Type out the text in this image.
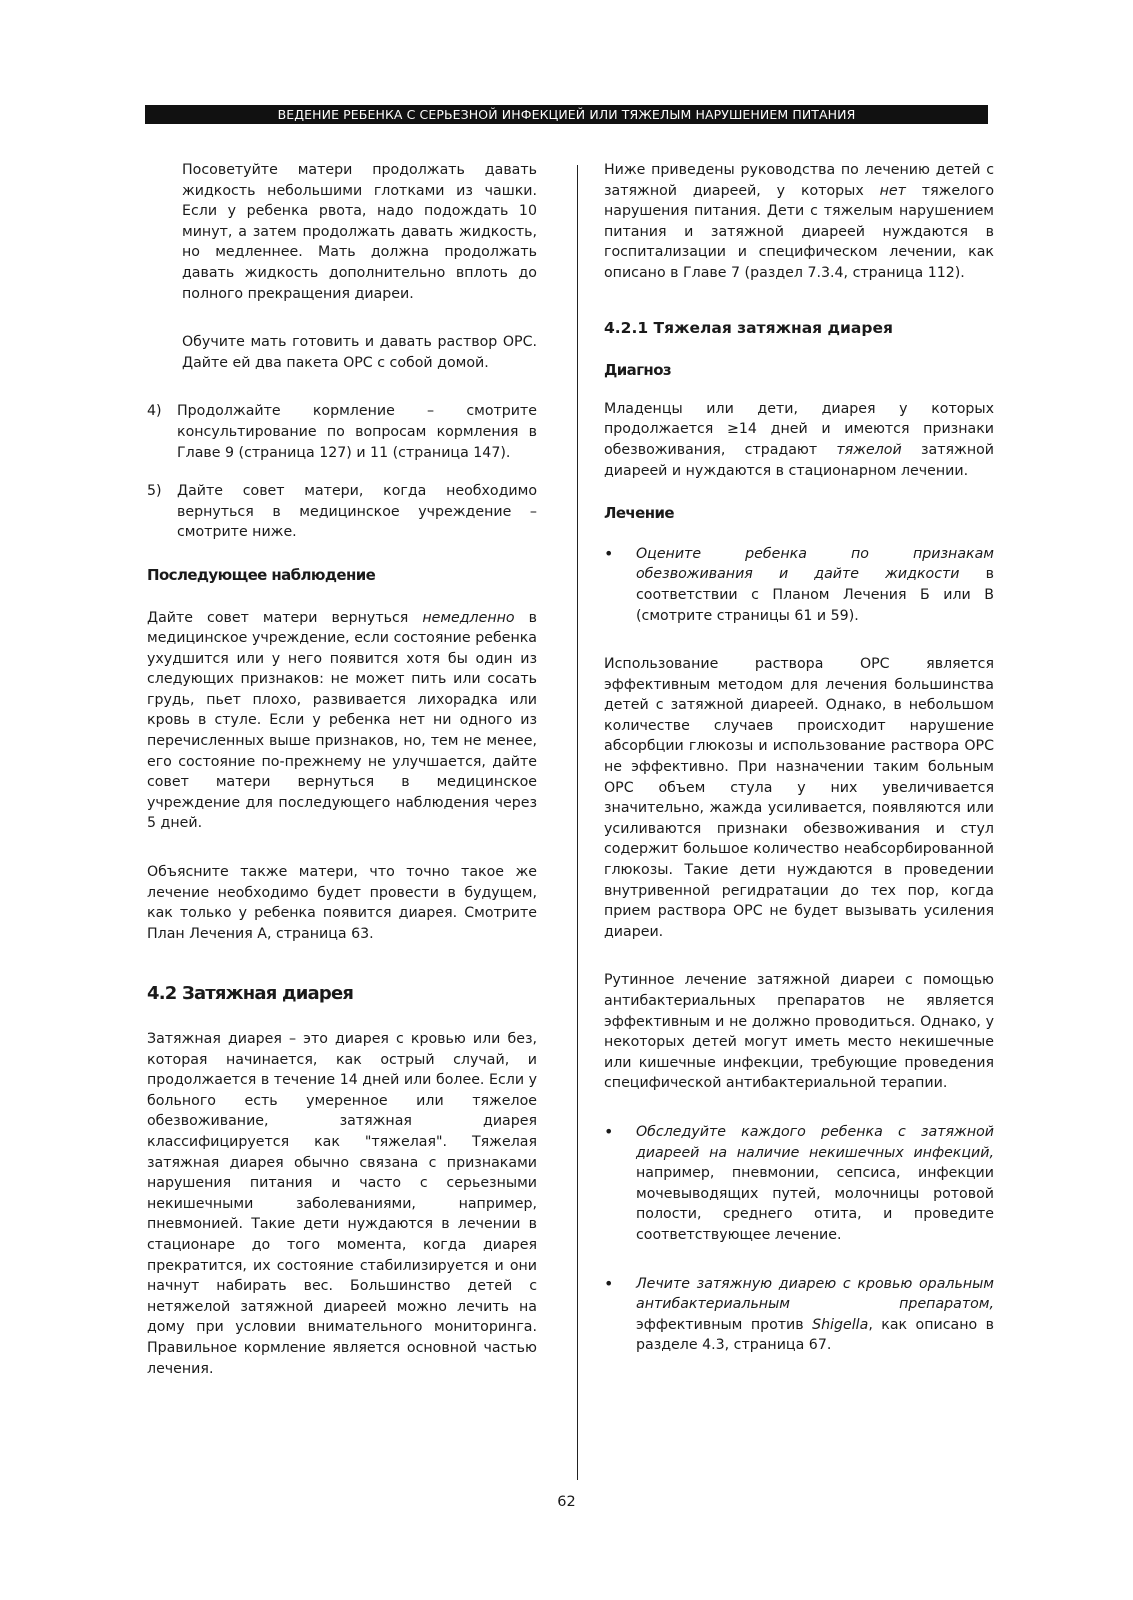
ВЕДЕНИЕ РЕБЕНКА С СЕРЬЕЗНОЙ ИНФЕКЦИЕЙ ИЛИ ТЯЖЕЛЫМ НАРУШЕНИЕМ ПИТАНИЯ

Посоветуйте матери продолжать давать жидкость небольшими глотками из чашки. Если у ребенка рвота, надо подождать 10 минут, а затем продолжать давать жидкость, но медленнее. Мать должна продолжать давать жидкость дополнительно вплоть до полного прекращения диареи.

Обучите мать готовить и давать раствор ОРС. Дайте ей два пакета ОРС с собой домой.

4)	Продолжайте кормление – смотрите консультирование по вопросам кормления в Главе 9 (страница 127) и 11 (страница 147).

5)	Дайте совет матери, когда необходимо вернуться в медицинское учреждение – смотрите ниже.

Последующее наблюдение

Дайте совет матери вернуться немедленно в медицинское учреждение, если состояние ребенка ухудшится или у него появится хотя бы один из следующих признаков: не может пить или сосать грудь, пьет плохо, развивается лихорадка или кровь в стуле. Если у ребенка нет ни одного из перечисленных выше признаков, но, тем не менее, его состояние по-прежнему не улучшается, дайте совет матери вернуться в медицинское учреждение для последующего наблюдения через 5 дней.

Объясните также матери, что точно такое же лечение необходимо будет провести в будущем, как только у ребенка появится диарея. Смотрите План Лечения А, страница 63.

4.2 Затяжная диарея

Затяжная диарея – это диарея с кровью или без, которая начинается, как острый случай, и продолжается в течение 14 дней или более. Если у больного есть умеренное или тяжелое обезвоживание, затяжная диарея классифицируется как "тяжелая". Тяжелая затяжная диарея обычно связана с признаками нарушения питания и часто с серьезными некишечными заболеваниями, например, пневмонией. Такие дети нуждаются в лечении в стационаре до того момента, когда диарея прекратится, их состояние стабилизируется и они начнут набирать вес. Большинство детей с нетяжелой затяжной диареей можно лечить на дому при условии внимательного мониторинга. Правильное кормление является основной частью лечения.

Ниже приведены руководства по лечению детей с затяжной диареей, у которых нет тяжелого нарушения питания. Дети с тяжелым нарушением питания и затяжной диареей нуждаются в госпитализации и специфическом лечении, как описано в Главе 7 (раздел 7.3.4, страница 112).

4.2.1 Тяжелая затяжная диарея
Диагноз

Младенцы или дети, диарея у которых продолжается ≥14 дней и имеются признаки обезвоживания, страдают тяжелой затяжной диареей и нуждаются в стационарном лечении.

Лечение
•	Оцените ребенка по признакам обезвоживания и дайте жидкости в соответствии с Планом Лечения Б или В (смотрите страницы 61 и 59).

Использование раствора ОРС является эффективным методом для лечения большинства детей с затяжной диареей. Однако, в небольшом количестве случаев происходит нарушение абсорбции глюкозы и использование раствора ОРС не эффективно. При назначении таким больным ОРС объем стула у них увеличивается значительно, жажда усиливается, появляются или усиливаются признаки обезвоживания и стул содержит большое количество неабсорбированной глюкозы. Такие дети нуждаются в проведении внутривенной регидратации до тех пор, когда прием раствора ОРС не будет вызывать усиления диареи.

Рутинное лечение затяжной диареи с помощью антибактериальных препаратов не является эффективным и не должно проводиться. Однако, у некоторых детей могут иметь место некишечные или кишечные инфекции, требующие проведения специфической антибактериальной терапии.

•	Обследуйте каждого ребенка с затяжной диареей на наличие некишечных инфекций, например, пневмонии, сепсиса, инфекции мочевыводящих путей, молочницы ротовой полости, среднего отита, и проведите соответствующее лечение.

•	Лечите затяжную диарею с кровью оральным антибактериальным препаратом, эффективным против Shigella, как описано в разделе 4.3, страница 67.

62
